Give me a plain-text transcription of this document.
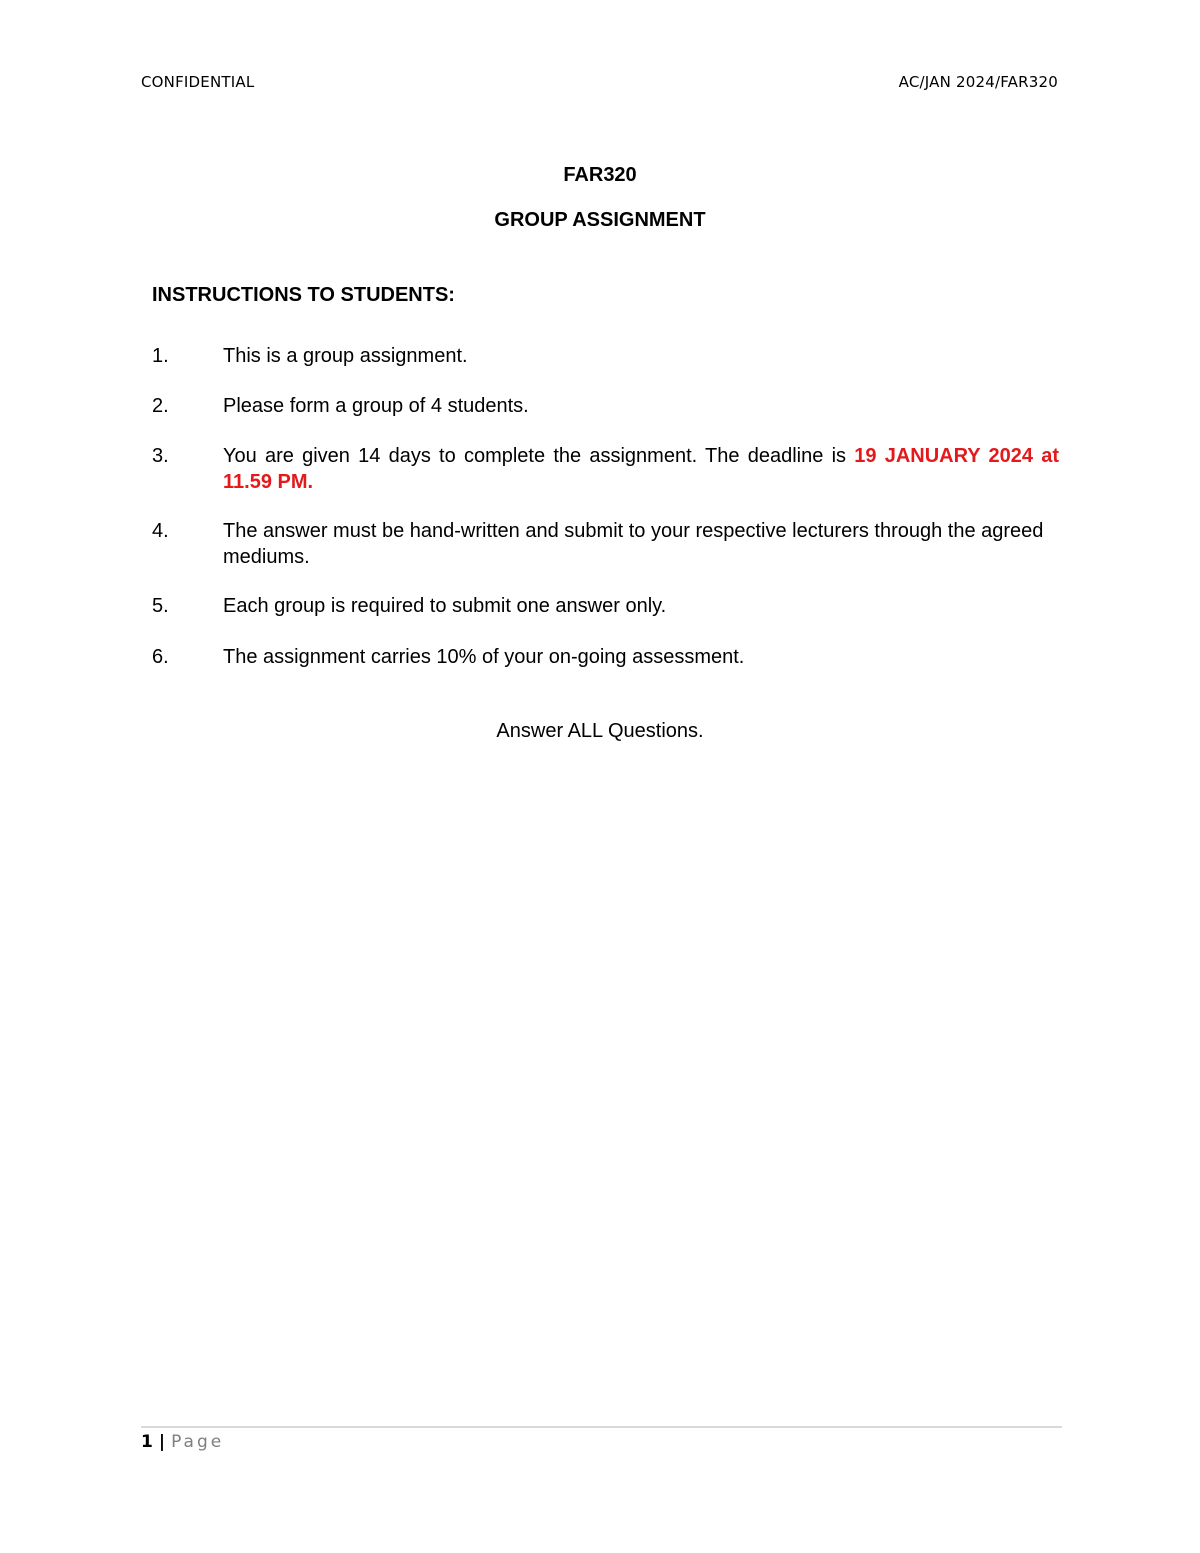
CONFIDENTIAL	AC/JAN 2024/FAR320
FAR320
GROUP ASSIGNMENT
INSTRUCTIONS TO STUDENTS:
1.	This is a group assignment.
2.	Please form a group of 4 students.
3.	You are given 14 days to complete the assignment. The deadline is 19 JANUARY 2024 at 11.59 PM.
4.	The answer must be hand-written and submit to your respective lecturers through the agreed mediums.
5.	Each group is required to submit one answer only.
6.	The assignment carries 10% of your on-going assessment.
Answer ALL Questions.
1 | Page
